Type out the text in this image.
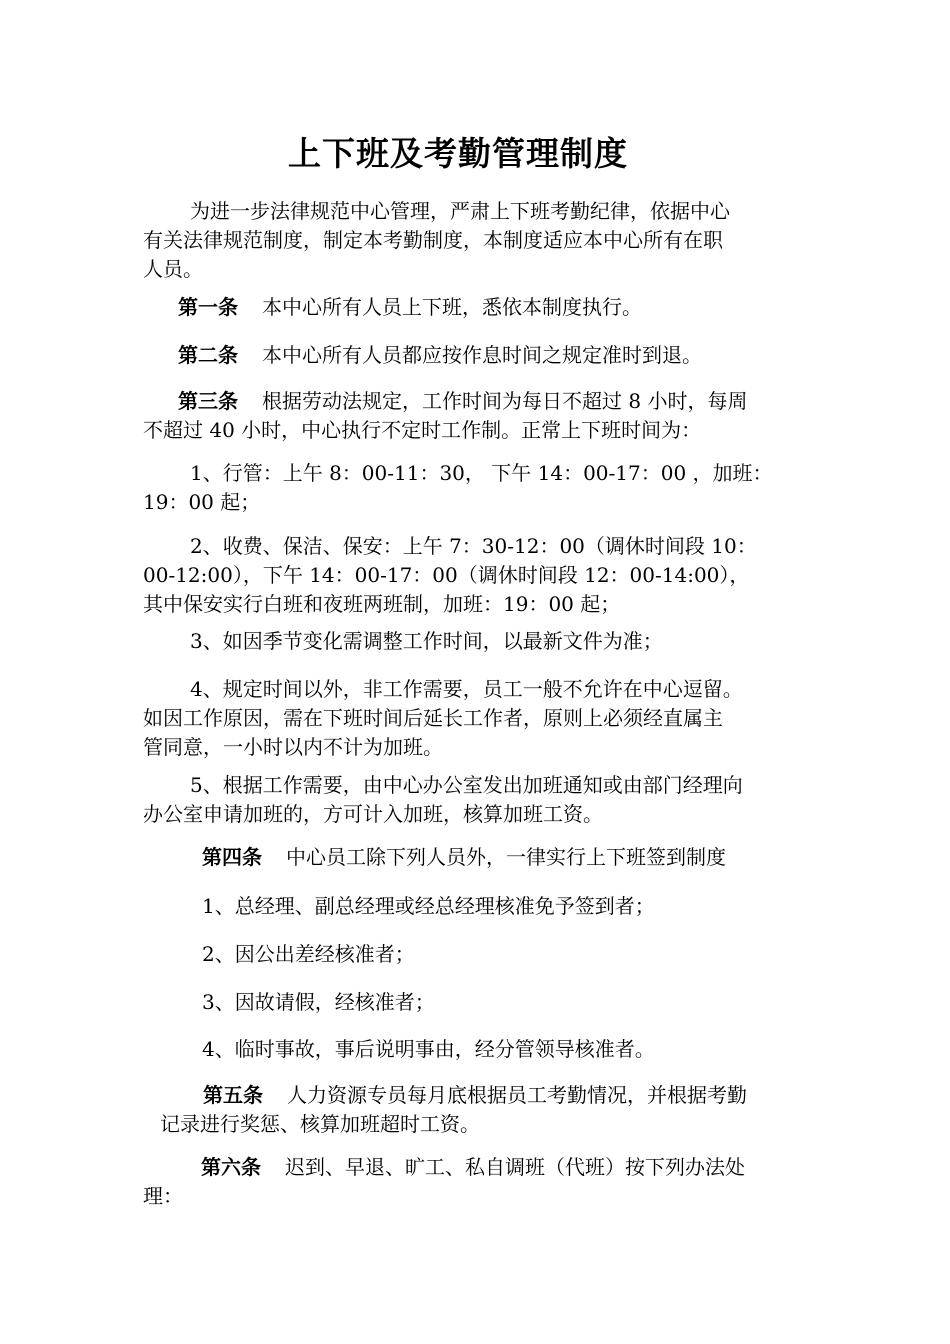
上下班及考勤管理制度

为进一步法律规范中心管理，严肃上下班考勤纪律，依据中心
有关法律规范制度，制定本考勤制度，本制度适应本中心所有在职
人员。

第一条 本中心所有人员上下班，悉依本制度执行。

第二条 本中心所有人员都应按作息时间之规定准时到退。

第三条 根据劳动法规定，工作时间为每日不超过 8 小时，每周
不超过 40 小时，中心执行不定时工作制。正常上下班时间为：

1、行管：上午 8：00-11：30， 下午 14：00-17：00 ，加班：
19：00 起；

2、收费、保洁、保安：上午 7：30-12：00（调休时间段 10：
00-12:00），下午 14：00-17：00（调休时间段 12：00-14:00），
其中保安实行白班和夜班两班制，加班：19：00 起；

3、如因季节变化需调整工作时间，以最新文件为准；

4、规定时间以外，非工作需要，员工一般不允许在中心逗留。
如因工作原因，需在下班时间后延长工作者，原则上必须经直属主
管同意，一小时以内不计为加班。

5、根据工作需要，由中心办公室发出加班通知或由部门经理向
办公室申请加班的，方可计入加班，核算加班工资。

第四条 中心员工除下列人员外，一律实行上下班签到制度

1、总经理、副总经理或经总经理核准免予签到者；

2、因公出差经核准者；

3、因故请假，经核准者；

4、临时事故，事后说明事由，经分管领导核准者。

第五条 人力资源专员每月底根据员工考勤情况，并根据考勤
记录进行奖惩、核算加班超时工资。

第六条 迟到、早退、旷工、私自调班（代班）按下列办法处
理：
